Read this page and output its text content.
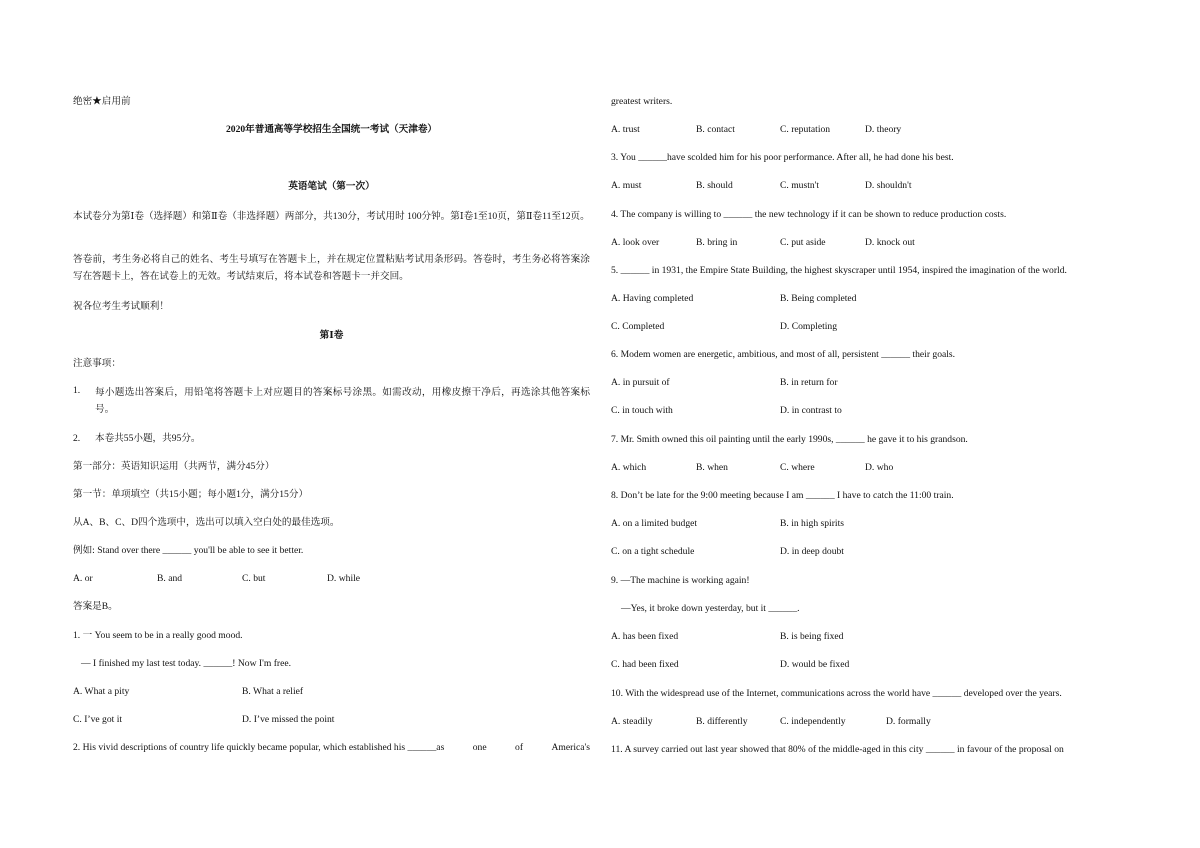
绝密★启用前
2020年普通高等学校招生全国统一考试（天津卷）
英语笔试（第一次）
本试卷分为第Ⅰ卷（选择题）和第Ⅱ卷（非选择题）两部分，共130分，考试用时 100分钟。第Ⅰ卷1至10页，第Ⅱ卷11至12页。
答卷前，考生务必将自己的姓名、考生号填写在答题卡上，并在规定位置粘贴考试用条形码。答卷时，考生务必将答案涂写在答题卡上，答在试卷上的无效。考试结束后，将本试卷和答题卡一并交回。
祝各位考生考试顺利！
第Ⅰ卷
注意事项：
1. 每小题选出答案后，用铅笔将答题卡上对应题目的答案标号涂黑。如需改动，用橡皮擦干净后，再选涂其他答案标号。
2. 本卷共55小题，共95分。
第一部分：英语知识运用（共两节，满分45分）
第一节：单项填空（共15小题；每小题1分，满分15分）
从A、B、C、D四个选项中，选出可以填入空白处的最佳选项。
例如: Stand over there ______ you'll be able to see it better.
A. or	B. and	C. but	D. while
答案是B。
1. 一 You seem to be in a really good mood.
— I finished my last test today. ______! Now I'm free.
A. What a pity	B. What a relief
C. I’ve got it	D. I’ve missed the point
2. His vivid descriptions of country life quickly became popular, which established his ______as	one	of	America's
greatest writers.
A. trust	B. contact	C. reputation	D. theory
3. You ______have scolded him for his poor performance. After all, he had done his best.
A. must	B. should	C. mustn't	D. shouldn't
4. The company is willing to ______ the new technology if it can be shown to reduce production costs.
A. look over	B. bring in	C. put aside	D. knock out
5. ______ in 1931, the Empire State Building, the highest skyscraper until 1954, inspired the imagination of the world.
A. Having completed	B. Being completed
C. Completed	D. Completing
6. Modem women are energetic, ambitious, and most of all, persistent ______ their goals.
A. in pursuit of	B. in return for
C. in touch with	D. in contrast to
7. Mr. Smith owned this oil painting until the early 1990s, ______ he gave it to his grandson.
A. which	B. when	C. where	D. who
8. Don’t be late for the 9:00 meeting because I am ______ I have to catch the 11:00 train.
A. on a limited budget	B. in high spirits
C. on a tight schedule	D. in deep doubt
9. —The machine is working again!
—Yes, it broke down yesterday, but it ______.
A. has been fixed	B. is being fixed
C. had been fixed	D. would be fixed
10. With the widespread use of the Internet, communications across the world have ______ developed over the years.
A. steadily	B. differently	C. independently	D. formally
11. A survey carried out last year showed that 80% of the middle-aged in this city ______ in favour of the proposal on
